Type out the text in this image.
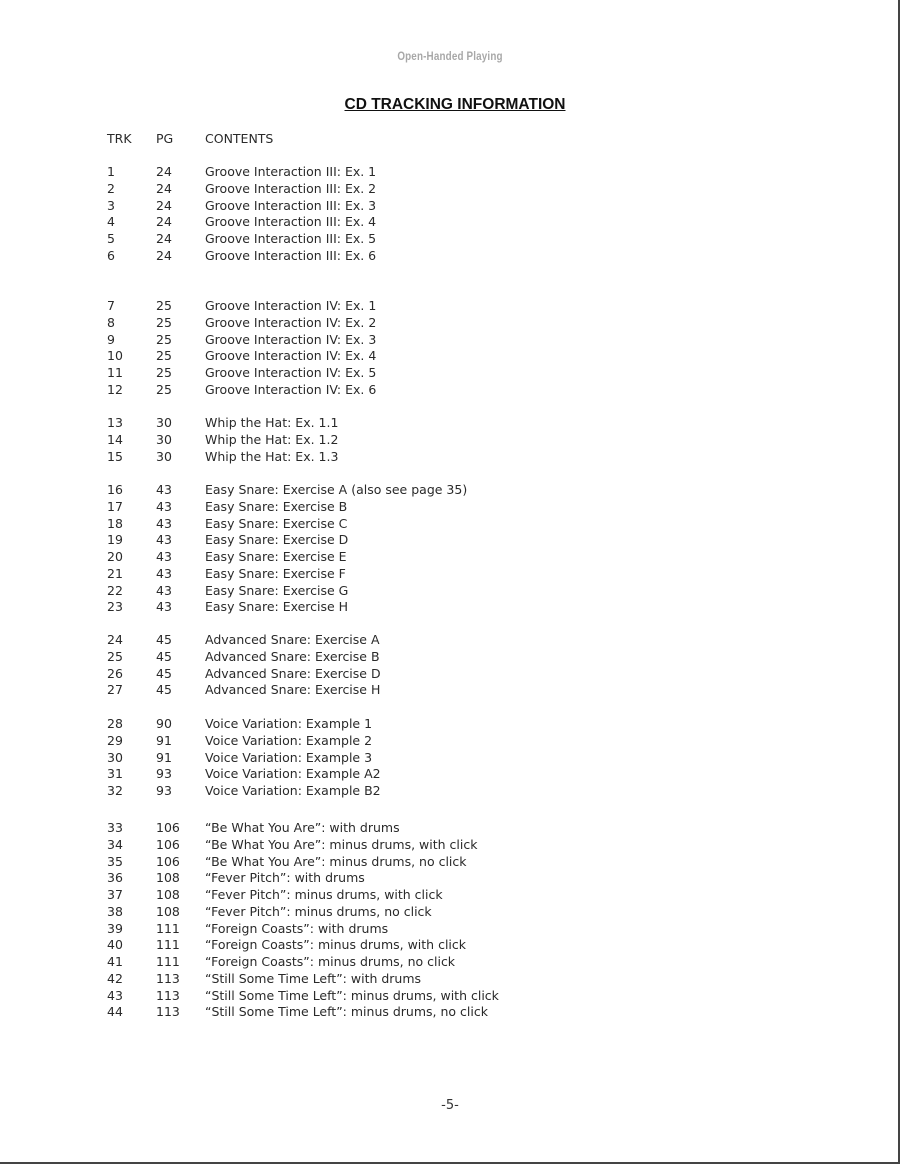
Open-Handed Playing
CD TRACKING INFORMATION
TRK PG	CONTENTS
1	24	Groove Interaction III: Ex. 1
2	24	Groove Interaction III: Ex. 2
3	24	Groove Interaction III: Ex. 3
4	24	Groove Interaction III: Ex. 4
5	24	Groove Interaction III: Ex. 5
6	24	Groove Interaction III: Ex. 6
7	25	Groove Interaction IV: Ex. 1
8	25	Groove Interaction IV: Ex. 2
9	25	Groove Interaction IV: Ex. 3
10	25	Groove Interaction IV: Ex. 4
11	25	Groove Interaction IV: Ex. 5
12	25	Groove Interaction IV: Ex. 6
13	30	Whip the Hat: Ex. 1.1
14	30	Whip the Hat: Ex. 1.2
15	30	Whip the Hat: Ex. 1.3
16	43	Easy Snare: Exercise A (also see page 35)
17	43	Easy Snare: Exercise B
18	43	Easy Snare: Exercise C
19	43	Easy Snare: Exercise D
20	43	Easy Snare: Exercise E
21	43	Easy Snare: Exercise F
22	43	Easy Snare: Exercise G
23	43	Easy Snare: Exercise H
24	45	Advanced Snare: Exercise A
25	45	Advanced Snare: Exercise B
26	45	Advanced Snare: Exercise D
27	45	Advanced Snare: Exercise H
28	90	Voice Variation: Example 1
29	91	Voice Variation: Example 2
30	91	Voice Variation: Example 3
31	93	Voice Variation: Example A2
32	93	Voice Variation: Example B2
33	106 “Be What You Are”: with drums
34	106 “Be What You Are”: minus drums, with click
35	106 “Be What You Are”: minus drums, no click
36	108 “Fever Pitch”: with drums
37	108 “Fever Pitch”: minus drums, with click
38	108 “Fever Pitch”: minus drums, no click
39	111 “Foreign Coasts”: with drums
40	111 “Foreign Coasts”: minus drums, with click
41	111 “Foreign Coasts”: minus drums, no click
42	113 “Still Some Time Left”: with drums
43	113 “Still Some Time Left”: minus drums, with click
44	113 “Still Some Time Left”: minus drums, no click
-5-
